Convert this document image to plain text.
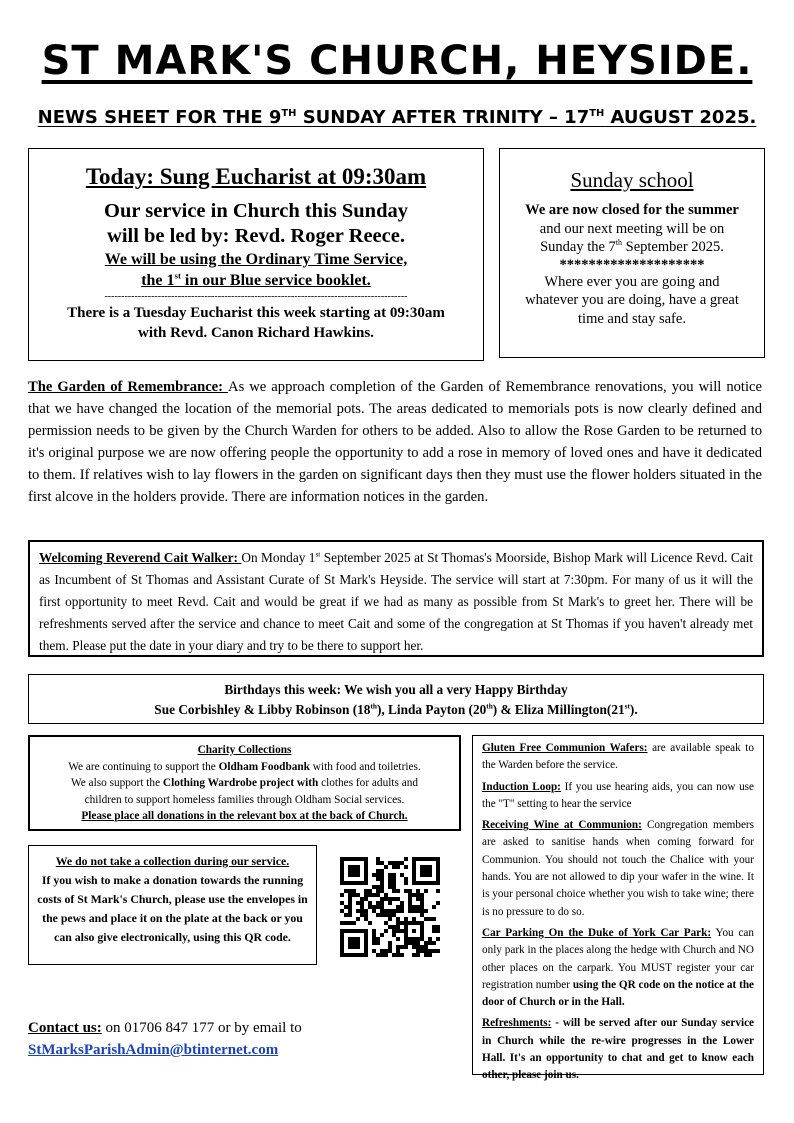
ST MARK'S CHURCH, HEYSIDE.
NEWS SHEET FOR THE 9TH SUNDAY AFTER TRINITY – 17TH AUGUST 2025.
Today: Sung Eucharist at 09:30am
Our service in Church this Sunday
will be led by: Revd. Roger Reece.
We will be using the Ordinary Time Service,
the 1st in our Blue service booklet.
-------------------------------------------------------------------------------------------
There is a Tuesday Eucharist this week starting at 09:30am
with Revd. Canon Richard Hawkins.
Sunday school
We are now closed for the summer
and our next meeting will be on
Sunday the 7th September 2025.
********************
Where ever you are going and
whatever you are doing, have a great
time and stay safe.

The Garden of Remembrance: As we approach completion of the Garden of Remembrance renovations, you will notice that we have changed the location of the memorial pots. The areas dedicated to memorials pots is now clearly defined and permission needs to be given by the Church Warden for others to be added. Also to allow the Rose Garden to be returned to it's original purpose we are now offering people the opportunity to add a rose in memory of loved ones and have it dedicated to them. If relatives wish to lay flowers in the garden on significant days then they must use the flower holders situated in the first alcove in the holders provide. There are information notices in the garden.

Welcoming Reverend Cait Walker: On Monday 1st September 2025 at St Thomas's Moorside, Bishop Mark will Licence Revd. Cait as Incumbent of St Thomas and Assistant Curate of St Mark's Heyside. The service will start at 7:30pm. For many of us it will the first opportunity to meet Revd. Cait and would be great if we had as many as possible from St Mark's to greet her. There will be refreshments served after the service and chance to meet Cait and some of the congregation at St Thomas if you haven't already met them. Please put the date in your diary and try to be there to support her.

Birthdays this week: We wish you all a very Happy Birthday
Sue Corbishley & Libby Robinson (18th), Linda Payton (20th) & Eliza Millington(21st).
Charity Collections
We are continuing to support the Oldham Foodbank with food and toiletries.
We also support the Clothing Wardrobe project with clothes for adults and
children to support homeless families through Oldham Social services.
Please place all donations in the relevant box at the back of Church.
We do not take a collection during our service.
If you wish to make a donation towards the running costs of St Mark's Church, please use the envelopes in the pews and place it on the plate at the back or you can also give electronically, using this QR code.
Contact us: on 01706 847 177 or by email to
StMarksParishAdmin@btinternet.com

Gluten Free Communion Wafers: are available speak to the Warden before the service.

Induction Loop: If you use hearing aids, you can now use the "T" setting to hear the service

Receiving Wine at Communion: Congregation members are asked to sanitise hands when coming forward for Communion. You should not touch the Chalice with your hands. You are not allowed to dip your wafer in the wine. It is your personal choice whether you wish to take wine; there is no pressure to do so.

Car Parking On the Duke of York Car Park: You can only park in the places along the hedge with Church and NO other places on the carpark. You MUST register your car registration number using the QR code on the notice at the door of Church or in the Hall.

Refreshments: - will be served after our Sunday service in Church while the re-wire progresses in the Lower Hall. It's an opportunity to chat and get to know each other, please join us.
